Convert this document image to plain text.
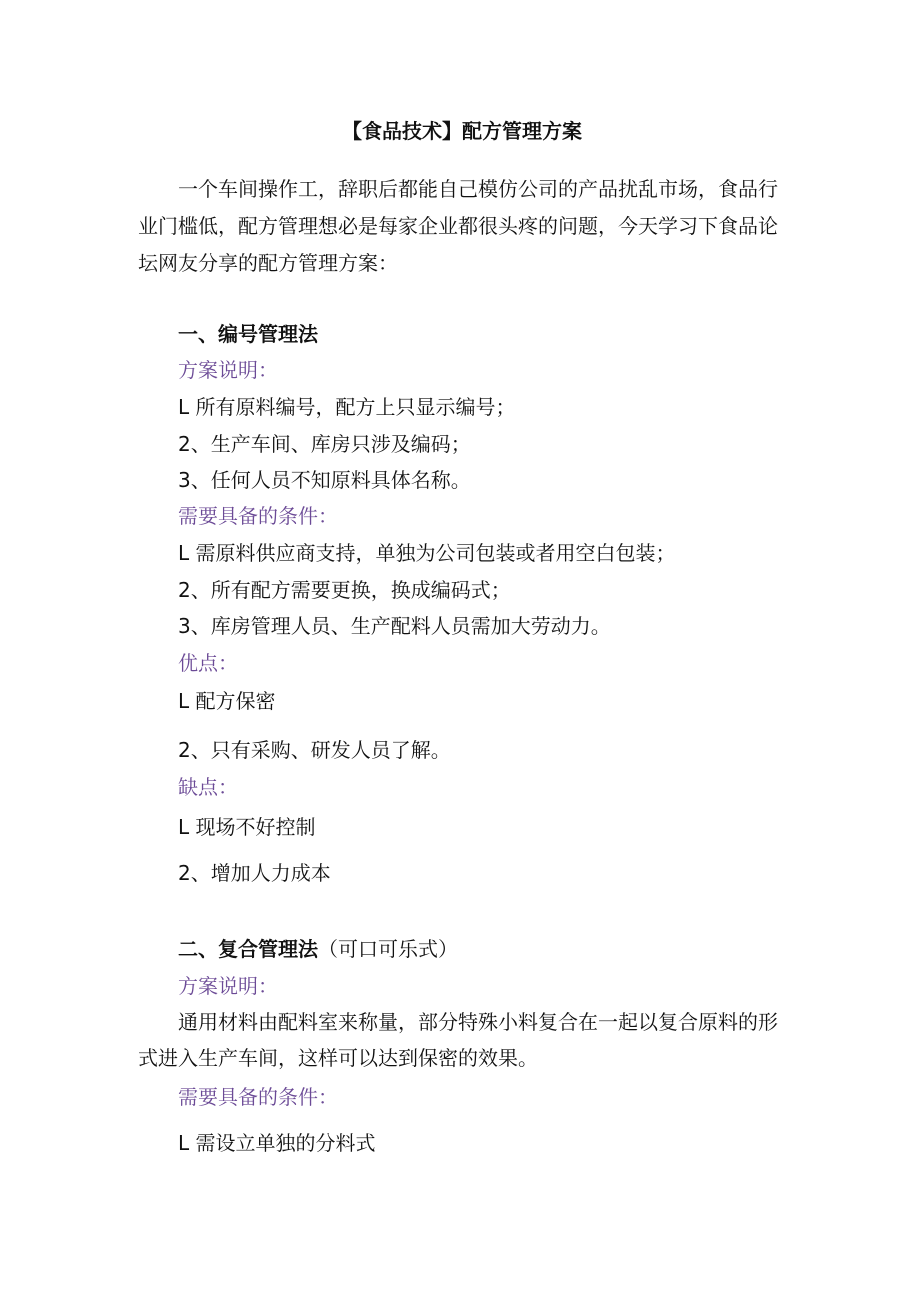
【食品技术】配方管理方案
一个车间操作工，辞职后都能自己模仿公司的产品扰乱市场，食品行
业门槛低，配方管理想必是每家企业都很头疼的问题，今天学习下食品论
坛网友分享的配方管理方案：
一、编号管理法
方案说明：
L 所有原料编号，配方上只显示编号；
2、生产车间、库房只涉及编码；
3、任何人员不知原料具体名称。
需要具备的条件：
L 需原料供应商支持，单独为公司包装或者用空白包装；
2、所有配方需要更换，换成编码式；
3、库房管理人员、生产配料人员需加大劳动力。
优点：
L 配方保密
2、只有采购、研发人员了解。
缺点：
L 现场不好控制
2、增加人力成本
二、复合管理法（可口可乐式）
方案说明：
通用材料由配料室来称量，部分特殊小料复合在一起以复合原料的形
式进入生产车间，这样可以达到保密的效果。
需要具备的条件：
L 需设立单独的分料式
